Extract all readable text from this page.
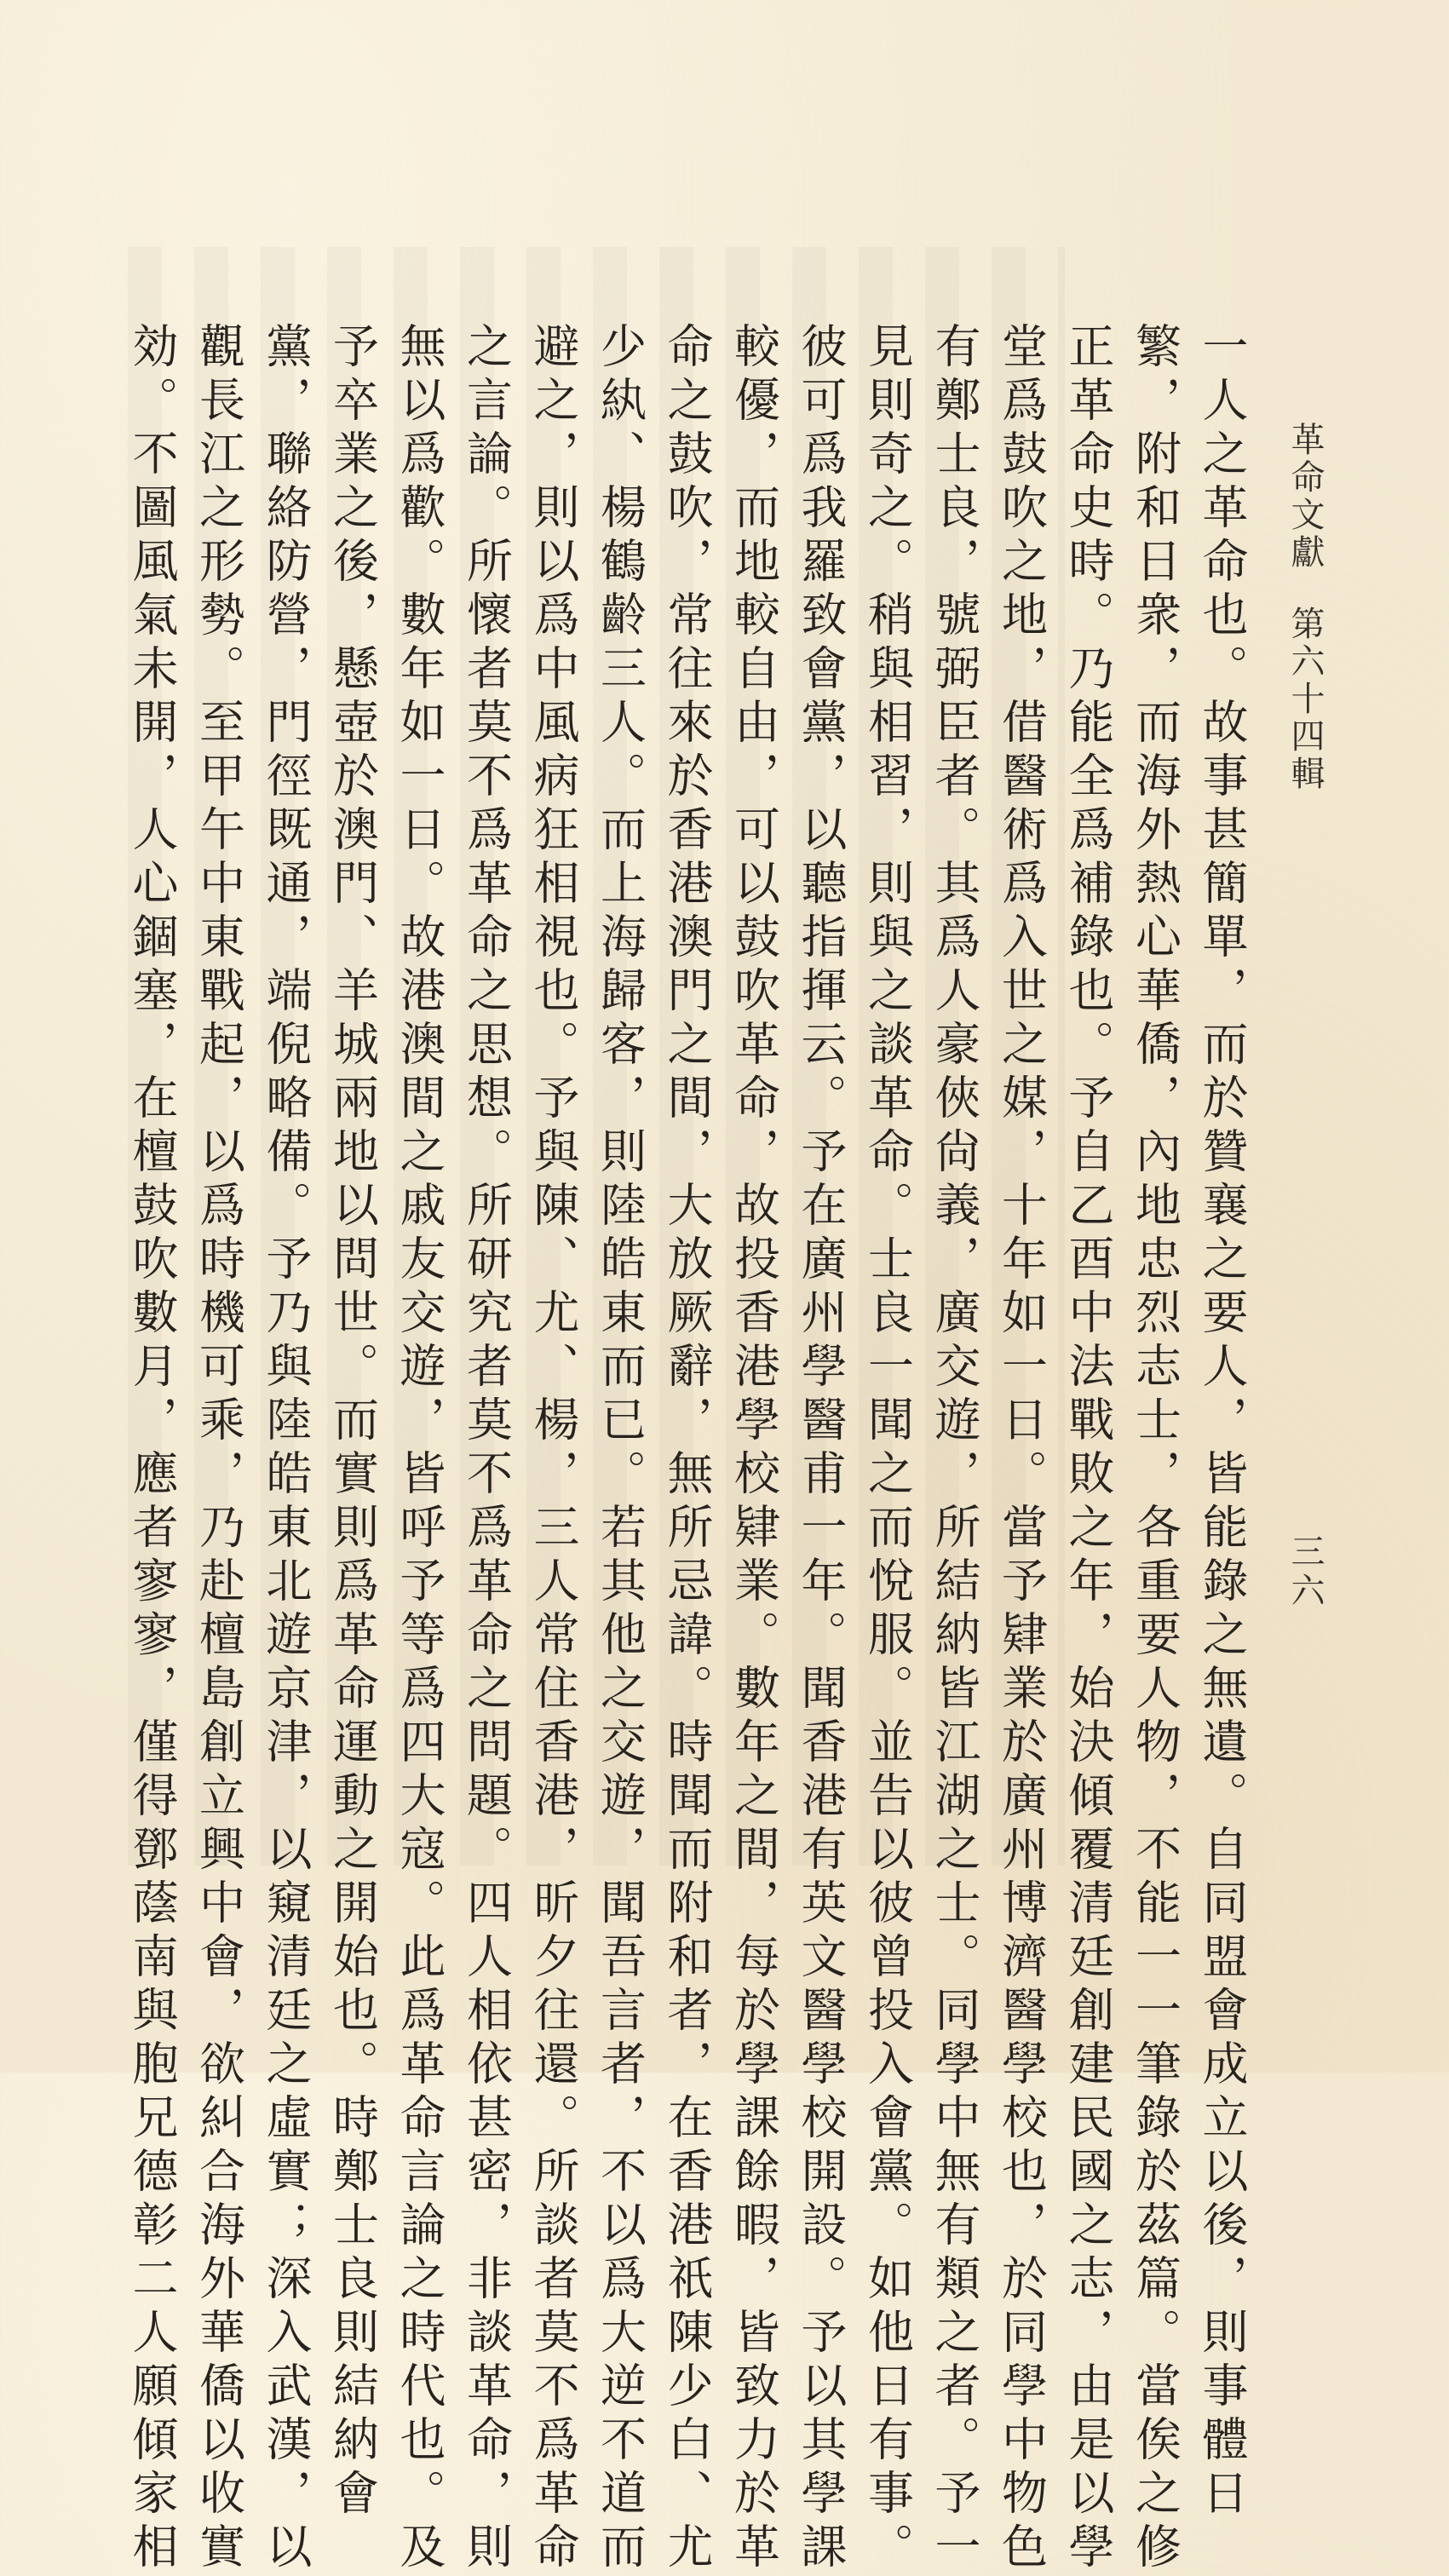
革命文獻第六十四輯
三六
一人之革命也。故事甚簡單，而於贊襄之要人，皆能錄之無遺。自同盟會成立以後，則事體日
繁，附和日衆，而海外熱心華僑，內地忠烈志士，各重要人物，不能一一筆錄於茲篇。當俟之修
正革命史時。乃能全爲補錄也。予自乙酉中法戰敗之年，始決傾覆清廷創建民國之志，由是以學
堂爲鼓吹之地，借醫術爲入世之媒，十年如一日。當予肄業於廣州博濟醫學校也，於同學中物色
有鄭士良，號弼臣者。其爲人豪俠尙義，廣交遊，所結納皆江湖之士。同學中無有類之者。予一
見則奇之。稍與相習，則與之談革命。士良一聞之而悅服。並告以彼曾投入會黨。如他日有事。
彼可爲我羅致會黨，以聽指揮云。予在廣州學醫甫一年。聞香港有英文醫學校開設。予以其學課
較優，而地較自由，可以鼓吹革命，故投香港學校肄業。數年之間，每於學課餘暇，皆致力於革
命之鼓吹，常往來於香港澳門之間，大放厥辭，無所忌諱。時聞而附和者，在香港祇陳少白、尤
少紈、楊鶴齡三人。而上海歸客，則陸皓東而已。若其他之交遊，聞吾言者，不以爲大逆不道而
避之，則以爲中風病狂相視也。予與陳、尤、楊，三人常住香港，昕夕往還。所談者莫不爲革命
之言論。所懷者莫不爲革命之思想。所研究者莫不爲革命之問題。四人相依甚密，非談革命，則
無以爲歡。數年如一日。故港澳間之戚友交遊，皆呼予等爲四大寇。此爲革命言論之時代也。及
予卒業之後，懸壺於澳門、羊城兩地以問世。而實則爲革命運動之開始也。時鄭士良則結納會
黨，聯絡防營，門徑既通，端倪略備。予乃與陸皓東北遊京津，以窺清廷之虛實；深入武漢，以
觀長江之形勢。至甲午中東戰起，以爲時機可乘，乃赴檀島創立興中會，欲糾合海外華僑以收實
効。不圖風氣未開，人心錮塞，在檀鼓吹數月，應者寥寥，僅得鄧蔭南與胞兄德彰二人願傾家相
